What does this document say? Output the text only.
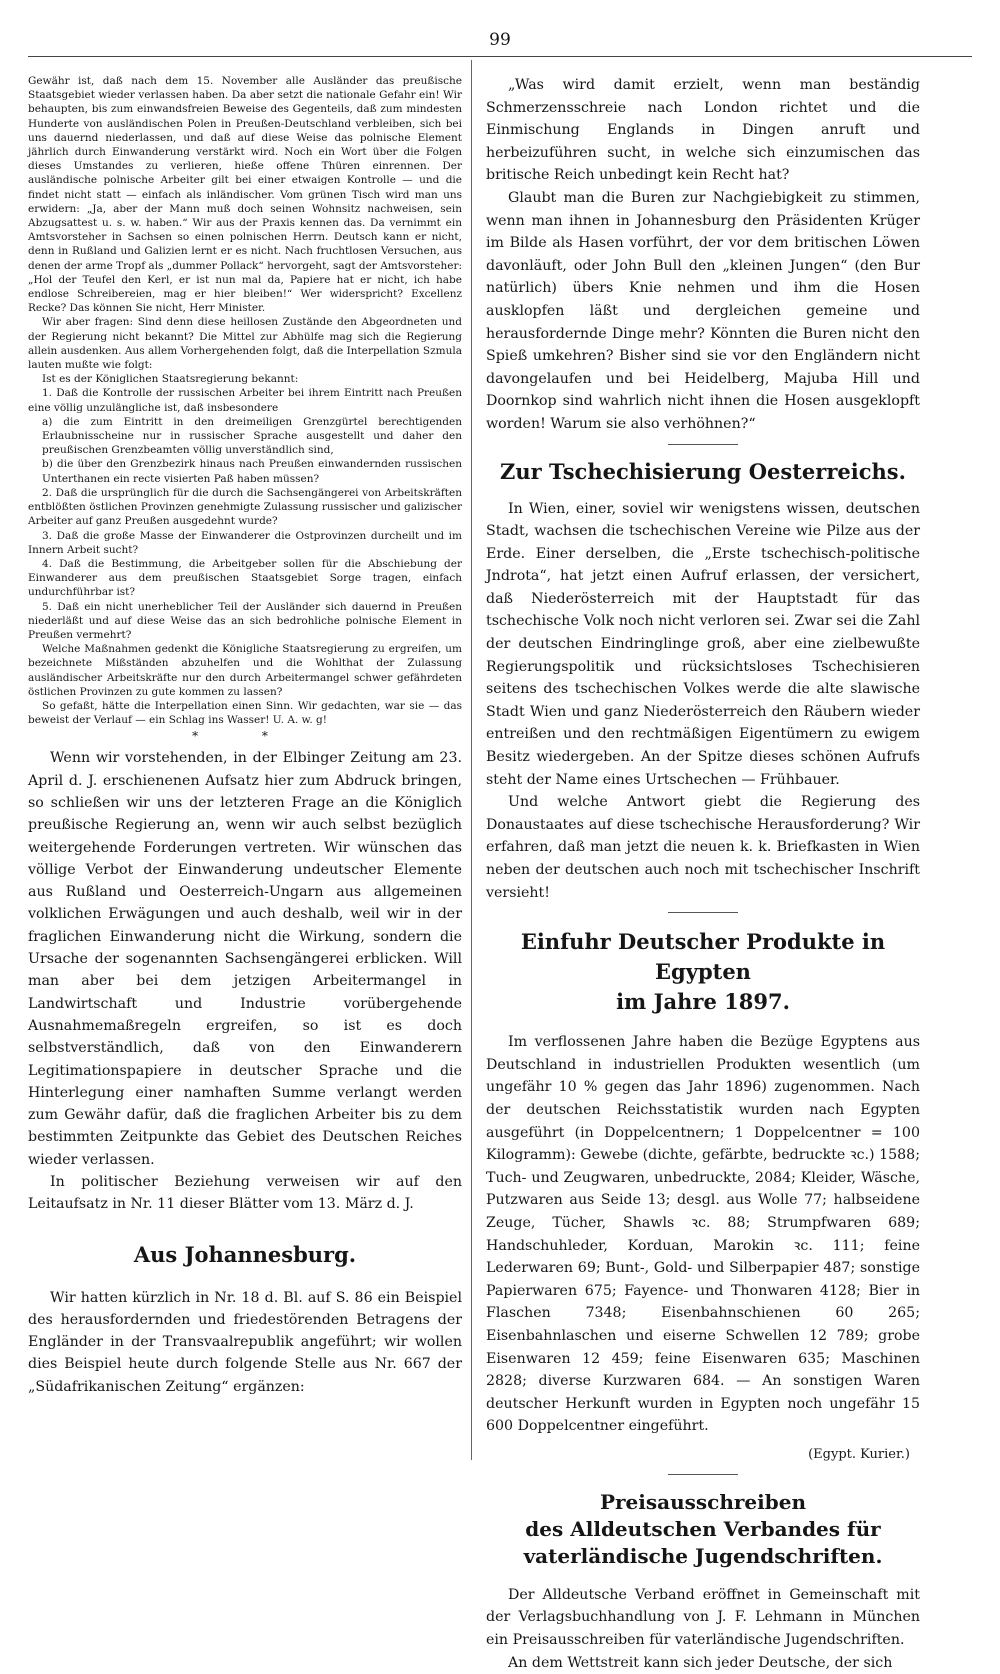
99

Gewähr ist, daß nach dem 15. November alle Ausländer das preußische Staatsgebiet wieder verlassen haben. Da aber setzt die nationale Gefahr ein! Wir behaupten, bis zum einwandsfreien Beweise des Gegenteils, daß zum mindesten Hunderte von ausländischen Polen in Preußen-Deutschland verbleiben, sich bei uns dauernd niederlassen, und daß auf diese Weise das polnische Element jährlich durch Einwanderung verstärkt wird. Noch ein Wort über die Folgen dieses Umstandes zu verlieren, hieße offene Thüren einrennen. Der ausländische polnische Arbeiter gilt bei einer etwaigen Kontrolle — und die findet nicht statt — einfach als inländischer. Vom grünen Tisch wird man uns erwidern: „Ja, aber der Mann muß doch seinen Wohnsitz nachweisen, sein Abzugsattest u. s. w. haben.“ Wir aus der Praxis kennen das. Da vernimmt ein Amtsvorsteher in Sachsen so einen polnischen Herrn. Deutsch kann er nicht, denn in Rußland und Galizien lernt er es nicht. Nach fruchtlosen Versuchen, aus denen der arme Tropf als „dummer Pollack“ hervorgeht, sagt der Amtsvorsteher: „Hol der Teufel den Kerl, er ist nun mal da, Papiere hat er nicht, ich habe endlose Schreibereien, mag er hier bleiben!“ Wer widerspricht? Excellenz Recke? Das können Sie nicht, Herr Minister.

Wir aber fragen: Sind denn diese heillosen Zustände den Abgeordneten und der Regierung nicht bekannt? Die Mittel zur Abhülfe mag sich die Regierung allein ausdenken. Aus allem Vorhergehenden folgt, daß die Interpellation Szmula lauten mußte wie folgt:

Ist es der Königlichen Staatsregierung bekannt:

1. Daß die Kontrolle der russischen Arbeiter bei ihrem Eintritt nach Preußen eine völlig unzulängliche ist, daß insbesondere

a) die zum Eintritt in den dreimeiligen Grenzgürtel berechtigenden Erlaubnisscheine nur in russischer Sprache ausgestellt und daher den preußischen Grenzbeamten völlig unverständlich sind,

b) die über den Grenzbezirk hinaus nach Preußen einwandernden russischen Unterthanen ein recte visierten Paß haben müssen?

2. Daß die ursprünglich für die durch die Sachsengängerei von Arbeitskräften entblößten östlichen Provinzen genehmigte Zulassung russischer und galizischer Arbeiter auf ganz Preußen ausgedehnt wurde?

3. Daß die große Masse der Einwanderer die Ostprovinzen durcheilt und im Innern Arbeit sucht?

4. Daß die Bestimmung, die Arbeitgeber sollen für die Abschiebung der Einwanderer aus dem preußischen Staatsgebiet Sorge tragen, einfach undurchführbar ist?

5. Daß ein nicht unerheblicher Teil der Ausländer sich dauernd in Preußen niederläßt und auf diese Weise das an sich bedrohliche polnische Element in Preußen vermehrt?

Welche Maßnahmen gedenkt die Königliche Staatsregierung zu ergreifen, um bezeichnete Mißständen abzuhelfen und die Wohlthat der Zulassung ausländischer Arbeitskräfte nur den durch Arbeitermangel schwer gefährdeten östlichen Provinzen zu gute kommen zu lassen?

So gefaßt, hätte die Interpellation einen Sinn. Wir gedachten, war sie — das beweist der Verlauf — ein Schlag ins Wasser! U. A. w. g!

* *

Wenn wir vorstehenden, in der Elbinger Zeitung am 23. April d. J. erschienenen Aufsatz hier zum Abdruck bringen, so schließen wir uns der letzteren Frage an die Königlich preußische Regierung an, wenn wir auch selbst bezüglich weitergehende Forderungen vertreten. Wir wünschen das völlige Verbot der Einwanderung undeutscher Elemente aus Rußland und Oesterreich-Ungarn aus allgemeinen volklichen Erwägungen und auch deshalb, weil wir in der fraglichen Einwanderung nicht die Wirkung, sondern die Ursache der sogenannten Sachsengängerei erblicken. Will man aber bei dem jetzigen Arbeitermangel in Landwirtschaft und Industrie vorübergehende Ausnahmemaßregeln ergreifen, so ist es doch selbstverständlich, daß von den Einwanderern Legitimationspapiere in deutscher Sprache und die Hinterlegung einer namhaften Summe verlangt werden zum Gewähr dafür, daß die fraglichen Arbeiter bis zu dem bestimmten Zeitpunkte das Gebiet des Deutschen Reiches wieder verlassen.

In politischer Beziehung verweisen wir auf den Leitaufsatz in Nr. 11 dieser Blätter vom 13. März d. J.

Aus Johannesburg.

Wir hatten kürzlich in Nr. 18 d. Bl. auf S. 86 ein Beispiel des herausfordernden und friedestörenden Betragens der Engländer in der Transvaalrepublik angeführt; wir wollen dies Beispiel heute durch folgende Stelle aus Nr. 667 der „Südafrikanischen Zeitung“ ergänzen:

„Was wird damit erzielt, wenn man beständig Schmerzensschreie nach London richtet und die Einmischung Englands in Dingen anruft und herbeizuführen sucht, in welche sich einzumischen das britische Reich unbedingt kein Recht hat?

Glaubt man die Buren zur Nachgiebigkeit zu stimmen, wenn man ihnen in Johannesburg den Präsidenten Krüger im Bilde als Hasen vorführt, der vor dem britischen Löwen davonläuft, oder John Bull den „kleinen Jungen“ (den Bur natürlich) übers Knie nehmen und ihm die Hosen ausklopfen läßt und dergleichen gemeine und herausfordernde Dinge mehr? Könnten die Buren nicht den Spieß umkehren? Bisher sind sie vor den Engländern nicht davongelaufen und bei Heidelberg, Majuba Hill und Doornkop sind wahrlich nicht ihnen die Hosen ausgeklopft worden! Warum sie also verhöhnen?“

Zur Tschechisierung Oesterreichs.

In Wien, einer, soviel wir wenigstens wissen, deutschen Stadt, wachsen die tschechischen Vereine wie Pilze aus der Erde. Einer derselben, die „Erste tschechisch-politische Jndrota“, hat jetzt einen Aufruf erlassen, der versichert, daß Niederösterreich mit der Hauptstadt für das tschechische Volk noch nicht verloren sei. Zwar sei die Zahl der deutschen Eindringlinge groß, aber eine zielbewußte Regierungspolitik und rücksichtsloses Tschechisieren seitens des tschechischen Volkes werde die alte slawische Stadt Wien und ganz Niederösterreich den Räubern wieder entreißen und den rechtmäßigen Eigentümern zu ewigem Besitz wiedergeben. An der Spitze dieses schönen Aufrufs steht der Name eines Urtschechen — Frühbauer.

Und welche Antwort giebt die Regierung des Donaustaates auf diese tschechische Herausforderung? Wir erfahren, daß man jetzt die neuen k. k. Briefkasten in Wien neben der deutschen auch noch mit tschechischer Inschrift versieht!

Einfuhr Deutscher Produkte in Egypten
im Jahre 1897.

Im verflossenen Jahre haben die Bezüge Egyptens aus Deutschland in industriellen Produkten wesentlich (um ungefähr 10 % gegen das Jahr 1896) zugenommen. Nach der deutschen Reichsstatistik wurden nach Egypten ausgeführt (in Doppelcentnern; 1 Doppelcentner = 100 Kilogramm): Gewebe (dichte, gefärbte, bedruckte ꝛc.) 1588; Tuch- und Zeugwaren, unbedruckte, 2084; Kleider, Wäsche, Putzwaren aus Seide 13; desgl. aus Wolle 77; halbseidene Zeuge, Tücher, Shawls ꝛc. 88; Strumpfwaren 689; Handschuhleder, Korduan, Marokin ꝛc. 111; feine Lederwaren 69; Bunt-, Gold- und Silberpapier 487; sonstige Papierwaren 675; Fayence- und Thonwaren 4128; Bier in Flaschen 7348; Eisenbahnschienen 60 265; Eisenbahnlaschen und eiserne Schwellen 12 789; grobe Eisenwaren 12 459; feine Eisenwaren 635; Maschinen 2828; diverse Kurzwaren 684. — An sonstigen Waren deutscher Herkunft wurden in Egypten noch ungefähr 15 600 Doppelcentner eingeführt.

(Egypt. Kurier.)
Preisausschreiben
des Alldeutschen Verbandes für
vaterländische Jugendschriften.

Der Alldeutsche Verband eröffnet in Gemeinschaft mit der Verlagsbuchhandlung von J. F. Lehmann in München ein Preisausschreiben für vaterländische Jugendschriften.

An dem Wettstreit kann sich jeder Deutsche, der sich
